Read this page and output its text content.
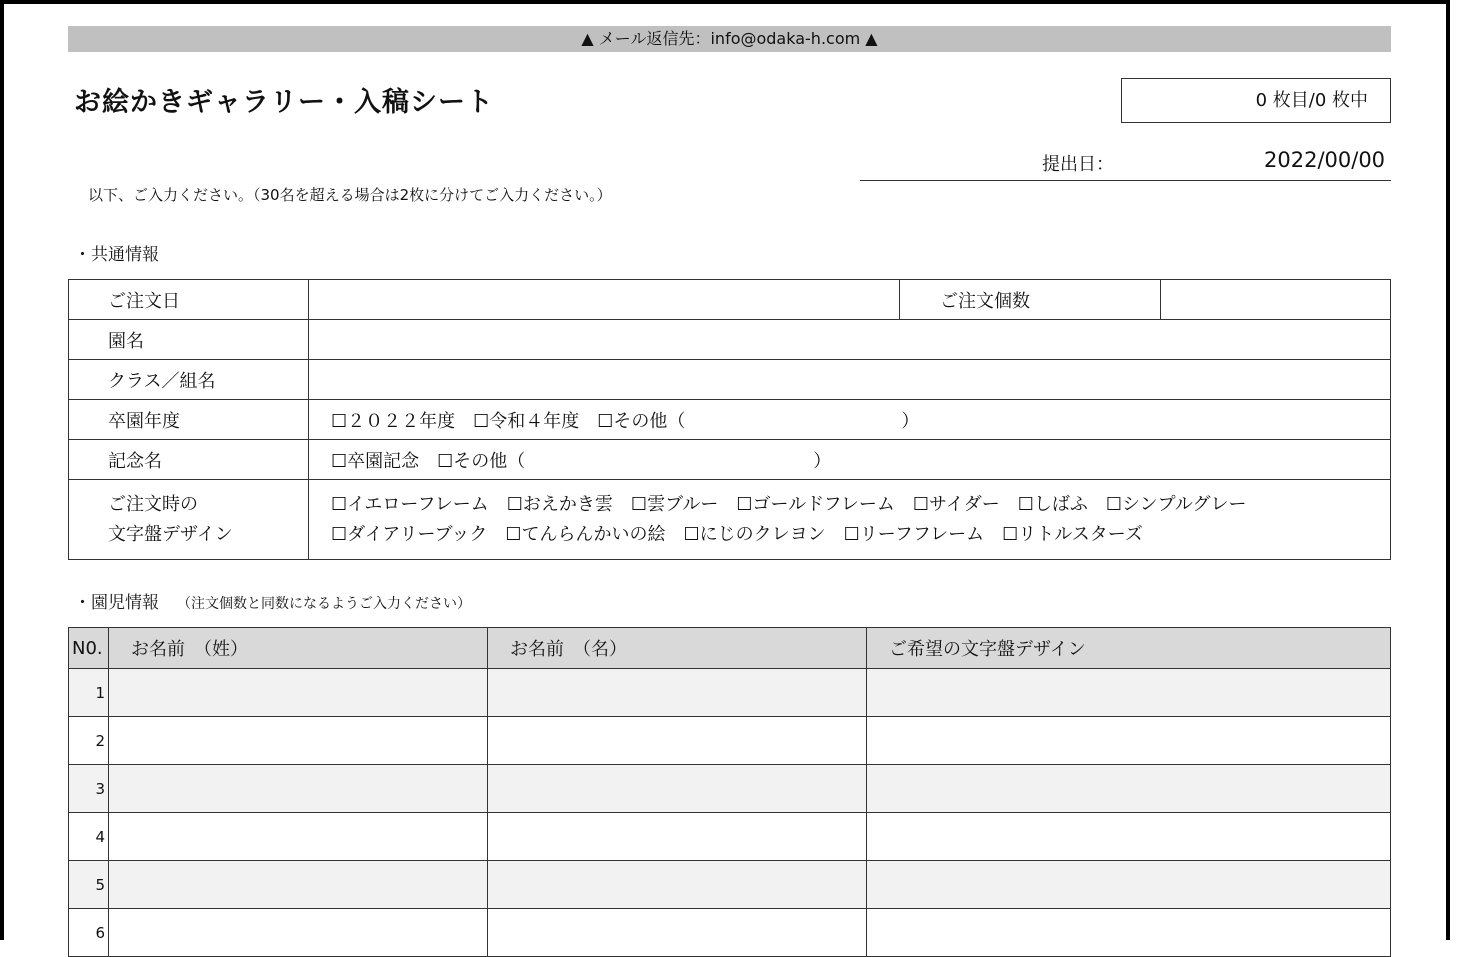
▲ メール返信先：info@odaka-h.com ▲
お絵かきギャラリー・入稿シート	0 枚目/0 枚中
提出日：	2022/00/00
以下、ご入力ください。（30名を超える場合は2枚に分けてご入力ください。）
・共通情報
ご注文日		ご注文個数	
園名			
クラス／組名			
卒園年度	☐２０２２年度　☐令和４年度　☐その他（　　　　　　　　　　　　）		
記念名	☐卒園記念　☐その他（　　　　　　　　　　　　　　　　）		

ご注文時の
文字盤デザイン	☐イエローフレーム　☐おえかき雲　☐雲ブルー　☐ゴールドフレーム　☐サイダー　☐しばふ　☐シンプルグレー
☐ダイアリーブック　☐てんらんかいの絵　☐にじのクレヨン　☐リーフフレーム　☐リトルスターズ		
・園児情報 （注文個数と同数になるようご入力ください）
N0.	お名前　（姓）	お名前　（名）	ご希望の文字盤デザイン
1			
2			
3			
4			
5			
6			
